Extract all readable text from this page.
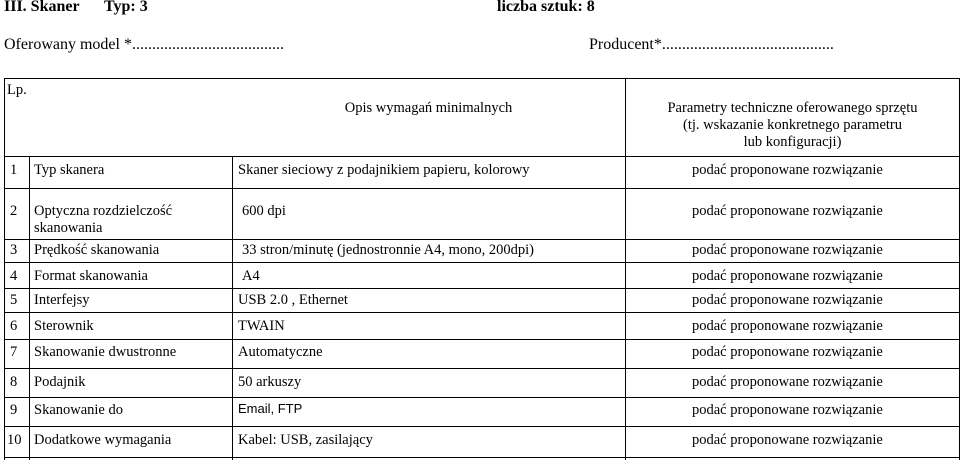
III. Skaner Typ: 3	liczba sztuk: 8
Oferowany model *......................................	Producent*...........................................
Lp.
Opis wymagań minimalnych	Parametry techniczne oferowanego sprzętu
(tj. wskazanie konkretnego parametru
lub konfiguracji)
1 Typ skanera	Skaner sieciowy z podajnikiem papieru, kolorowy	podać proponowane rozwiązanie
2 Optyczna rozdzielczość
skanowania
600 dpi	podać proponowane rozwiązanie
3 Prędkość skanowania	33 stron/minutę (jednostronnie A4, mono, 200dpi)	podać proponowane rozwiązanie
4 Format skanowania	A4	podać proponowane rozwiązanie
5 Interfejsy	USB 2.0 , Ethernet	podać proponowane rozwiązanie
6 Sterownik	TWAIN	podać proponowane rozwiązanie
7 Skanowanie dwustronne	Automatyczne	podać proponowane rozwiązanie
8 Podajnik	50 arkuszy	podać proponowane rozwiązanie
9 Skanowanie do	Email, FTP	podać proponowane rozwiązanie
10 Dodatkowe wymagania	Kabel: USB, zasilający	podać proponowane rozwiązanie
